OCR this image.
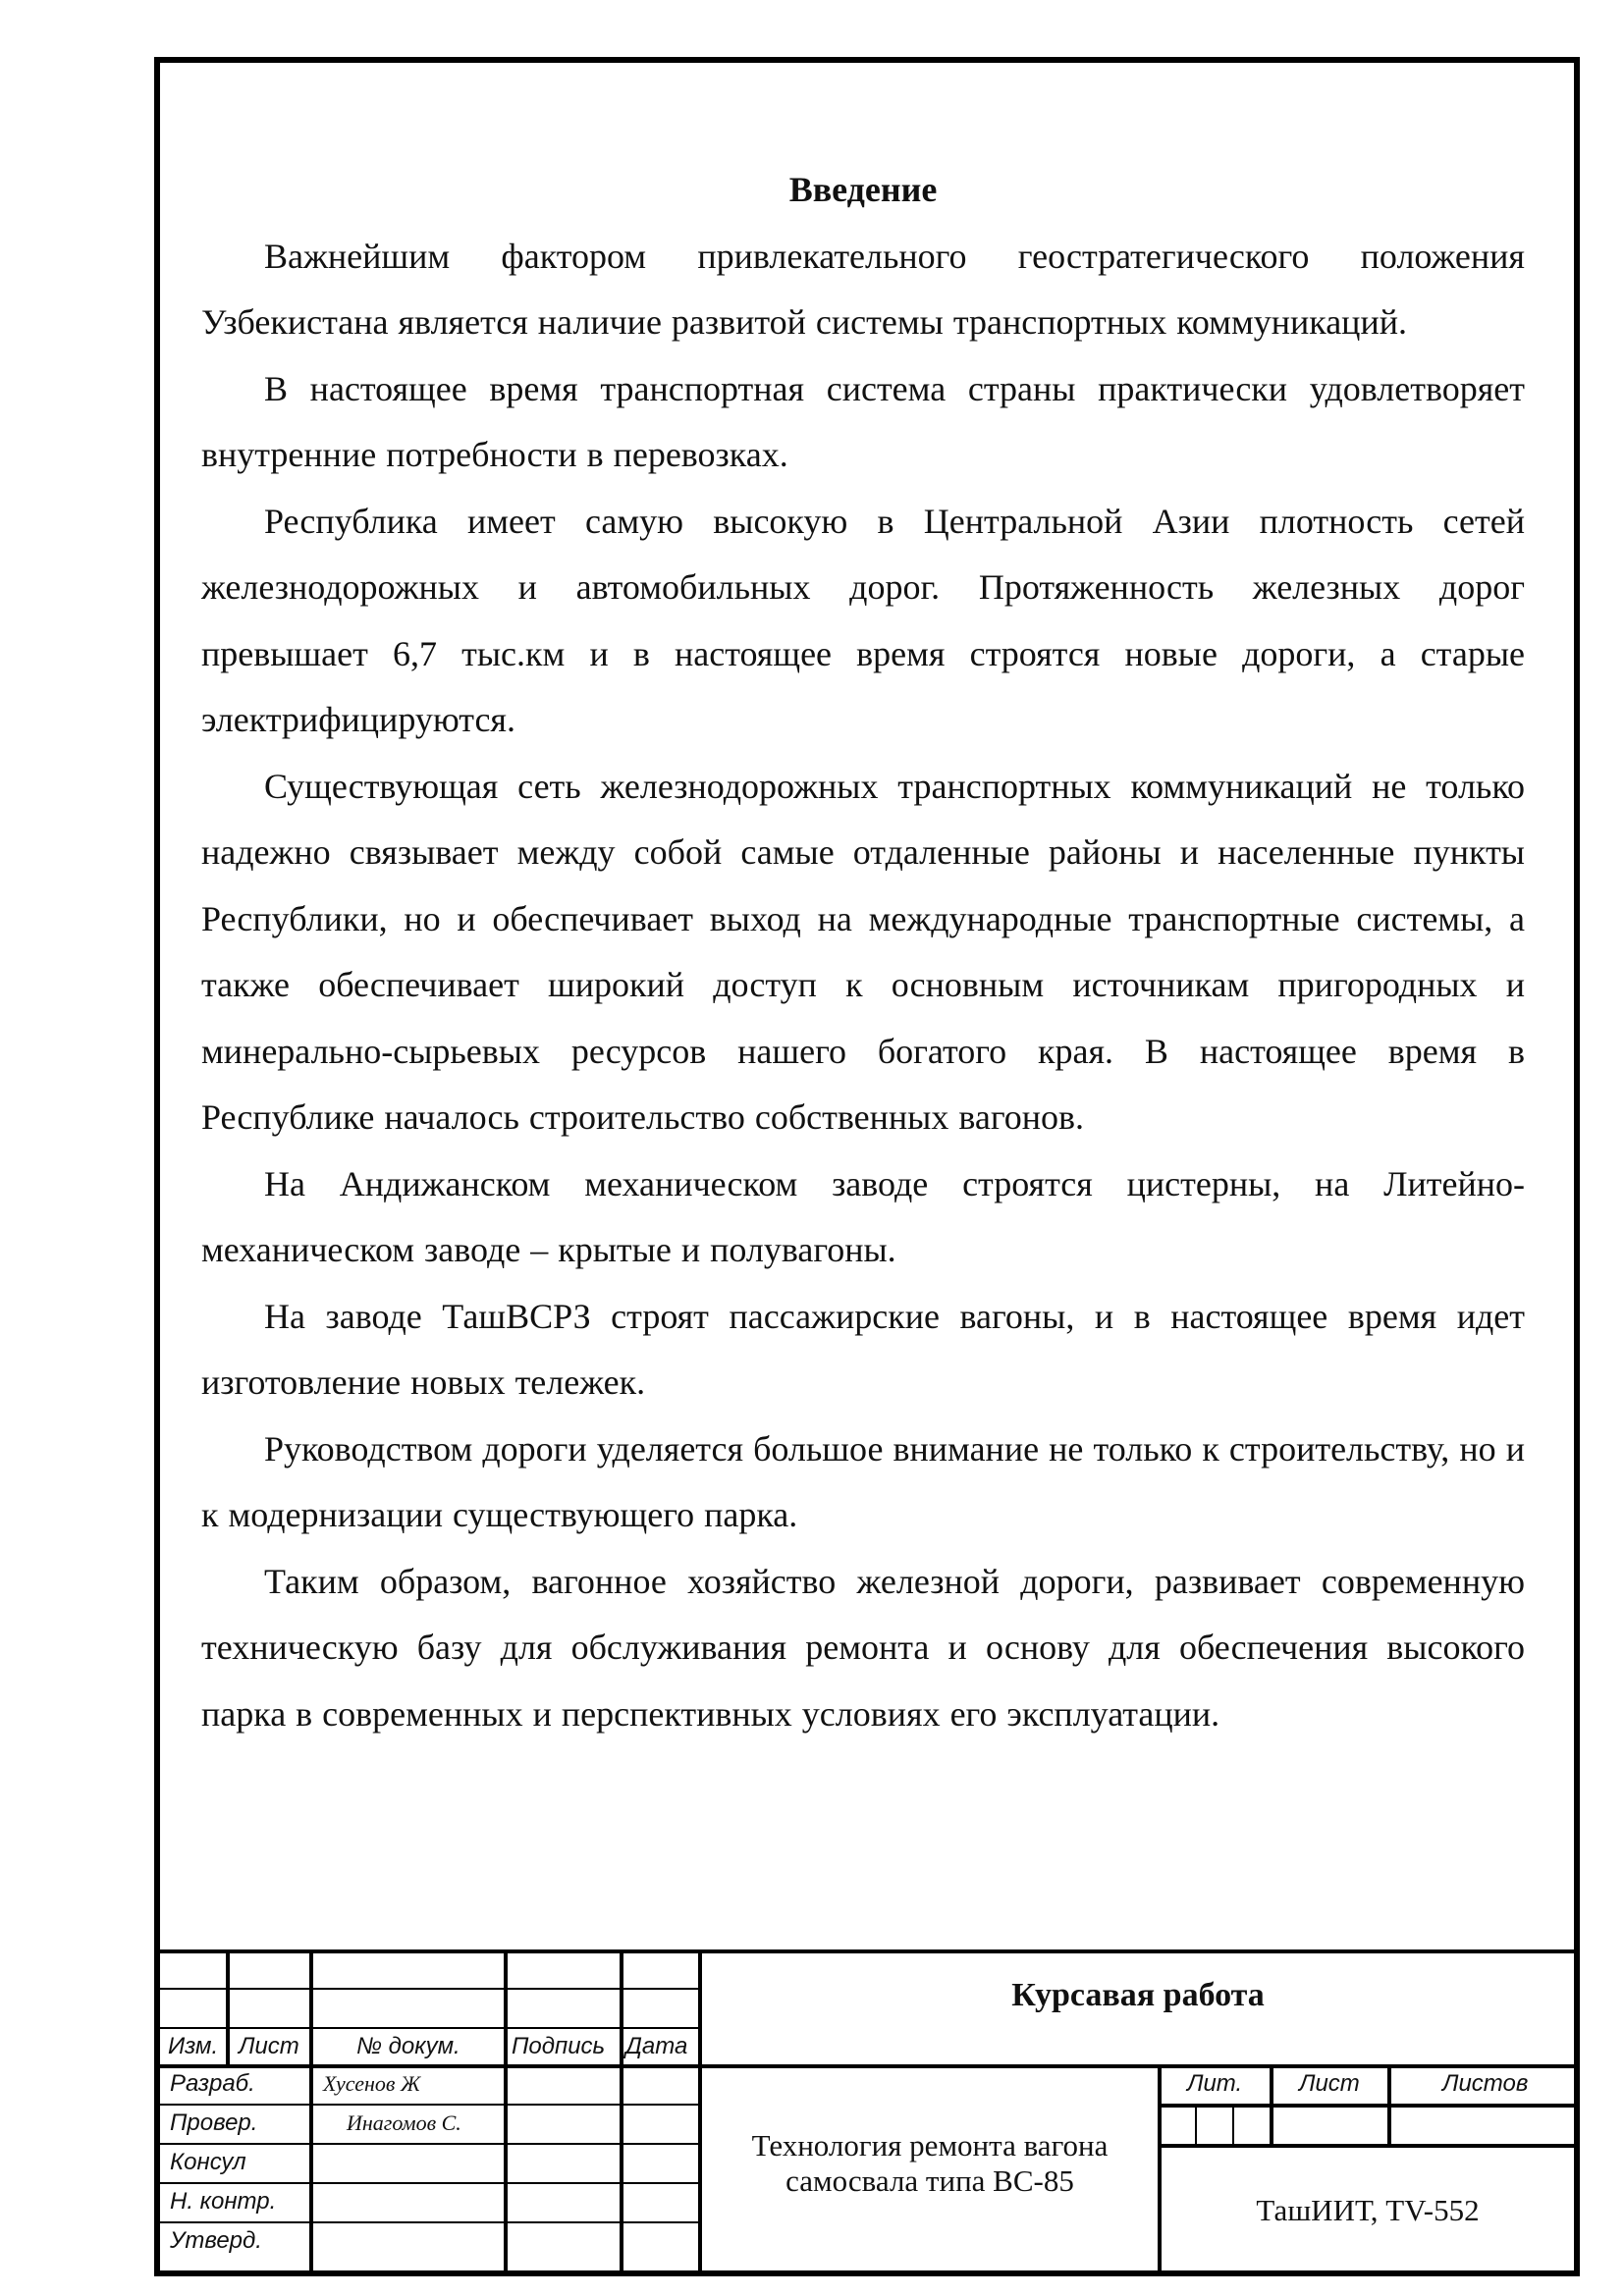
Введение

Важнейшим фактором привлекательного геостратегического положения Узбекистана является наличие развитой системы транспортных коммуникаций.

В настоящее время транспортная система страны практически удовлетворяет внутренние потребности в перевозках.

Республика имеет самую высокую в Центральной Азии плотность сетей железнодорожных и автомобильных дорог. Протяженность железных дорог превышает 6,7 тыс.км и в настоящее время строятся новые дороги, а старые электрифицируются.

Существующая сеть железнодорожных транспортных коммуникаций не только надежно связывает между собой самые отдаленные районы и населенные пункты Республики, но и обеспечивает выход на международные транспортные системы, а также обеспечивает широкий доступ к основным источникам пригородных и минерально-сырьевых ресурсов нашего богатого края. В настоящее время в Республике началось строительство собственных вагонов.

На Андижанском механическом заводе строятся цистерны, на Литейно-механическом заводе – крытые и полувагоны.

На заводе ТашВСРЗ строят пассажирские вагоны, и в настоящее время идет изготовление новых тележек.

Руководством дороги уделяется большое внимание не только к строительству, но и к модернизации существующего парка.

Таким образом, вагонное хозяйство железной дороги, развивает современную техническую базу для обслуживания ремонта и основу для обеспечения высокого парка в современных и перспективных условиях его эксплуатации.

Изм. Лист № докум. Подпись Дата
Курсавая работа
Разраб.
Провер.
Консул
Н. контр.
Утверд.
Хусенов Ж
Инагомов С.
Технология ремонта вагона
самосвала типа ВС-85
Лит. Лист	Листов
ТашИИТ, TV-552
